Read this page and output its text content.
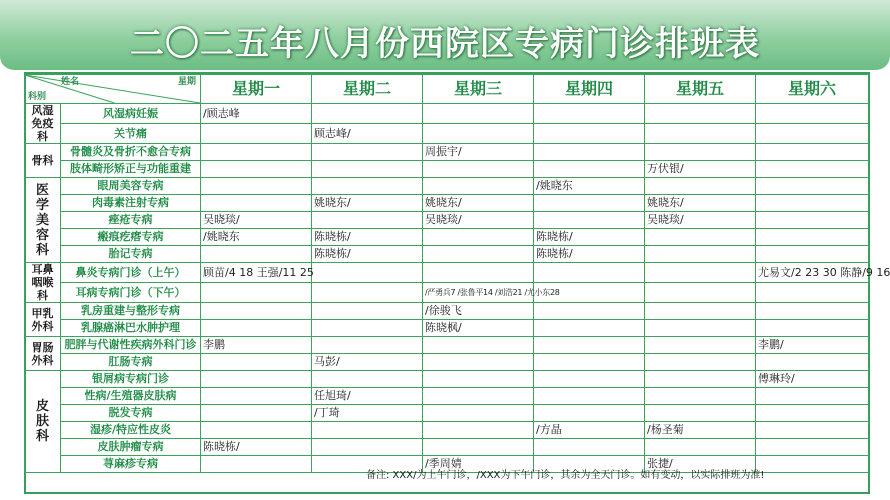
二〇二五年八月份西院区专病门诊排班表
姓名 星期
科别		星期一	星期二	星期三	星期四	星期五	星期六
风湿
免疫科	风湿病妊娠	/顾志峰					
	关节痛		顾志峰/				
骨科	骨髓炎及骨折不愈合专病			周振宇/			
	肢体畸形矫正与功能重建					万伏银/	
医
学
美
容
科	眼周美容专病				/姚晓东		
	肉毒素注射专病		姚晓东/	姚晓东/		姚晓东/	
	痤疮专病	吴晓琰/		吴晓琰/		吴晓琰/	
	瘢痕疙瘩专病	/姚晓东	陈晓栋/		陈晓栋/		
	胎记专病		陈晓栋/		陈晓栋/		
耳鼻
咽喉科	鼻炎专病门诊（上午）	顾苗/4 18 王强/11 25					尤易文/2 23 30 陈静/9 16
	耳病专病门诊（下午）			/严勇兵7 /张鲁平14 /刘浩21 /尤小东28			
甲乳
外科	乳房重建与整形专病			/徐骏飞			
	乳腺癌淋巴水肿护理			陈晓枫/			
胃肠
外科	肥胖与代谢性疾病外科门诊	李鹏					李鹏/
	肛肠专病		马彭/				
皮
肤
科	银屑病专病门诊						傅琳玲/
	性病/生殖器皮肤病		任旭琦/				
	脱发专病		/丁琦				
	湿疹/特应性皮炎				/方晶	/杨圣菊	
	皮肤肿瘤专病	陈晓栋/					
	荨麻疹专病			/季周婧		张捷/	
备注: XXX/为上午门诊，/XXX为下午门诊，其余为全天门诊。如有变动，以实际排班为准!
